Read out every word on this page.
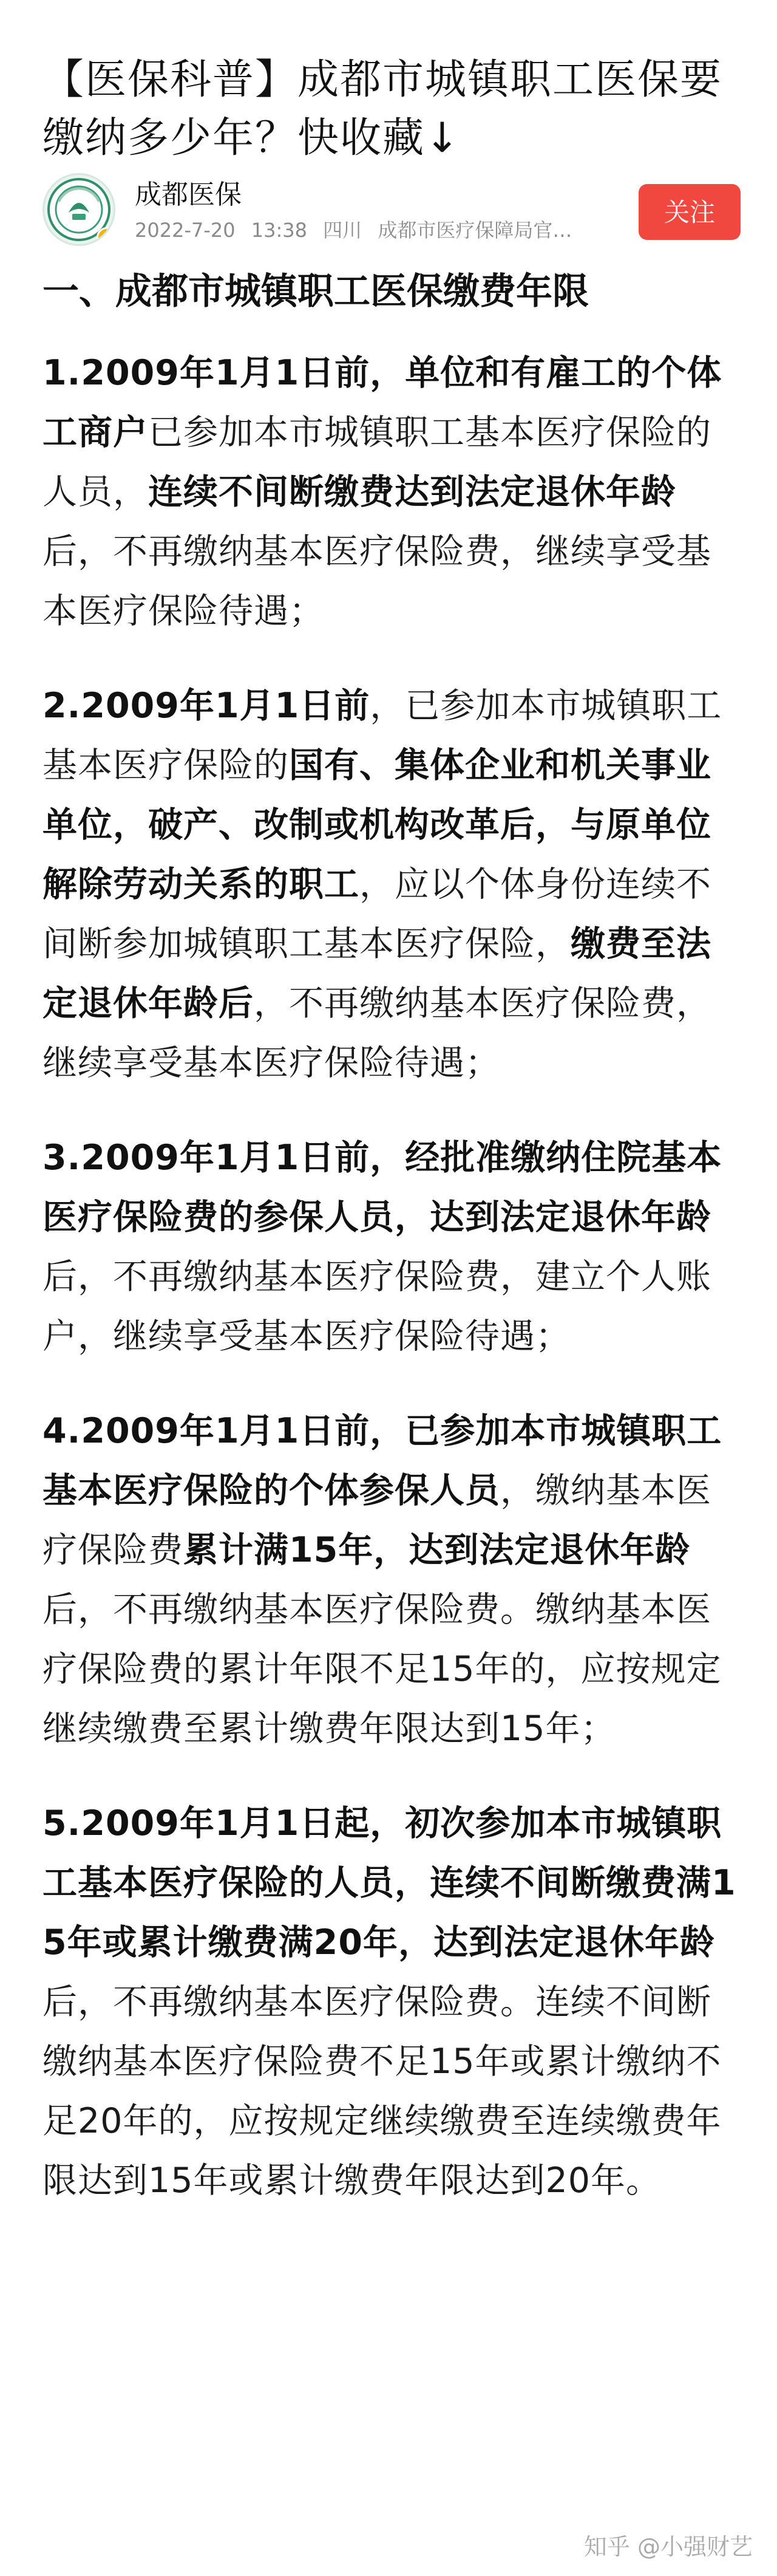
【医保科普】成都市城镇职工医保要缴纳多少年？快收藏↓
v
成都医保
2022-7-20 13:38 四川 成都市医疗保障局官…
关注
一、成都市城镇职工医保缴费年限

1.2009年1月1日前，单位和有雇工的个体工商户已参加本市城镇职工基本医疗保险的人员，连续不间断缴费达到法定退休年龄后，不再缴纳基本医疗保险费，继续享受基本医疗保险待遇；

2.2009年1月1日前，已参加本市城镇职工基本医疗保险的国有、集体企业和机关事业单位，破产、改制或机构改革后，与原单位解除劳动关系的职工，应以个体身份连续不间断参加城镇职工基本医疗保险，缴费至法定退休年龄后，不再缴纳基本医疗保险费，继续享受基本医疗保险待遇；

3.2009年1月1日前，经批准缴纳住院基本医疗保险费的参保人员，达到法定退休年龄后，不再缴纳基本医疗保险费，建立个人账户，继续享受基本医疗保险待遇；

4.2009年1月1日前，已参加本市城镇职工基本医疗保险的个体参保人员，缴纳基本医疗保险费累计满15年，达到法定退休年龄后，不再缴纳基本医疗保险费。缴纳基本医疗保险费的累计年限不足15年的，应按规定继续缴费至累计缴费年限达到15年；

5.2009年1月1日起，初次参加本市城镇职工基本医疗保险的人员，连续不间断缴费满15年或累计缴费满20年，达到法定退休年龄后，不再缴纳基本医疗保险费。连续不间断缴纳基本医疗保险费不足15年或累计缴纳不足20年的，应按规定继续缴费至连续缴费年限达到15年或累计缴费年限达到20年。

知乎 @小强财艺
